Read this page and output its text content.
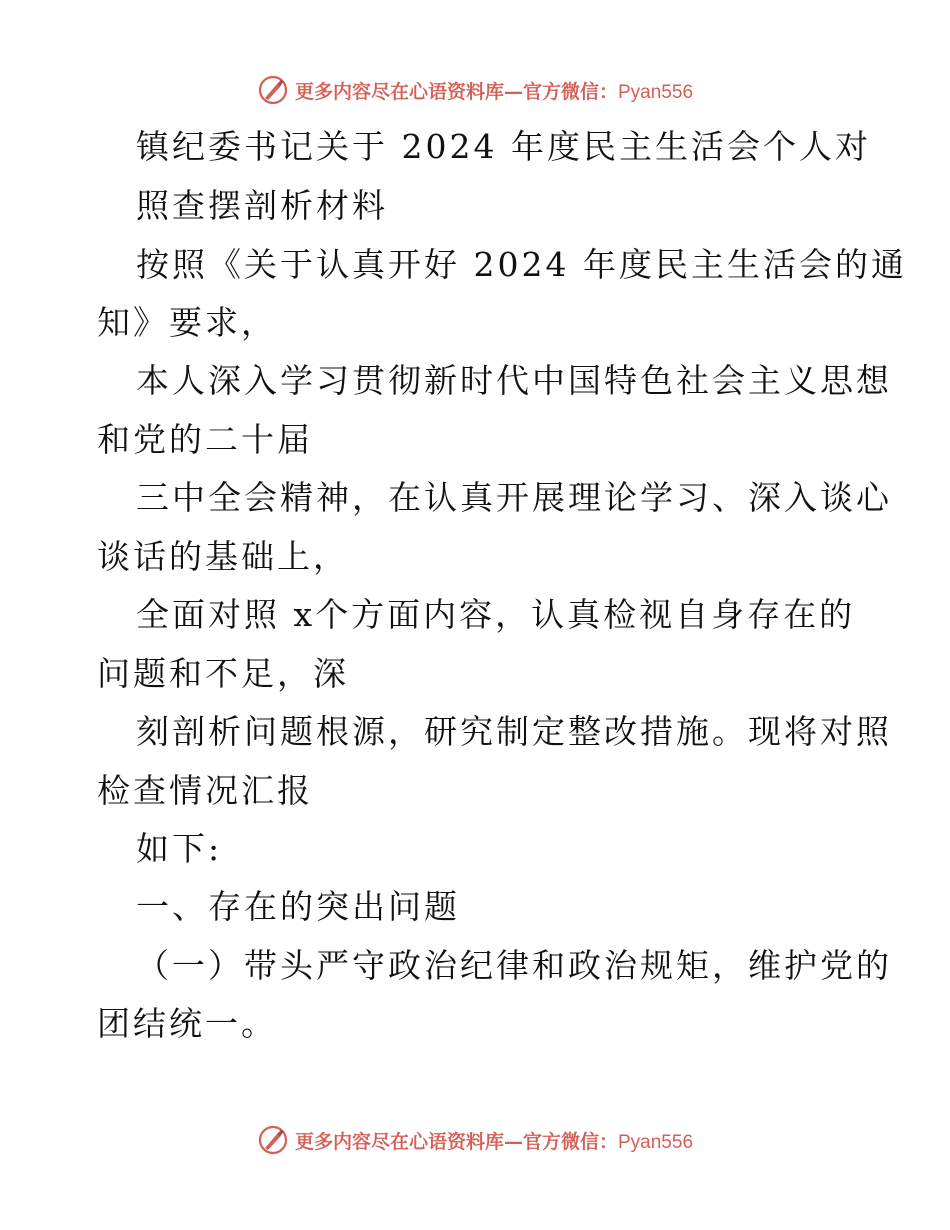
更多内容尽在心语资料库—官方微信：Pyan556
镇纪委书记关于 2024 年度民主生活会个人对
照查摆剖析材料
按照《关于认真开好 2024 年度民主生活会的通
知》要求，
本人深入学习贯彻新时代中国特色社会主义思想
和党的二十届
三中全会精神，在认真开展理论学习、深入谈心
谈话的基础上，
全面对照 x个方面内容，认真检视自身存在的
问题和不足，深
刻剖析问题根源，研究制定整改措施。现将对照
检查情况汇报
如下:
一、存在的突出问题
（一）带头严守政治纪律和政治规矩，维护党的
团结统一。
更多内容尽在心语资料库—官方微信：Pyan556
